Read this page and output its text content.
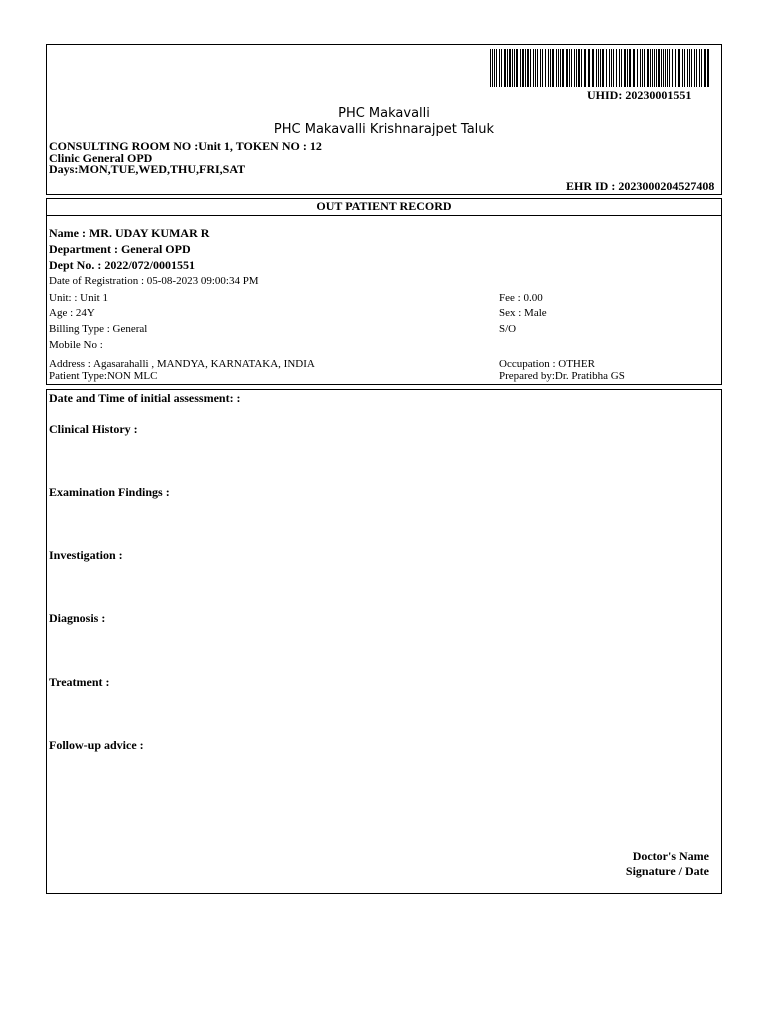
UHID: 20230001551
PHC Makavalli
PHC Makavalli Krishnarajpet Taluk
CONSULTING ROOM NO :Unit 1, TOKEN NO : 12
Clinic General OPD
Days:MON,TUE,WED,THU,FRI,SAT
EHR ID : 2023000204527408
OUT PATIENT RECORD
Name : MR. UDAY KUMAR R
Department : General OPD
Dept No. : 2022/072/0001551
Date of Registration : 05-08-2023 09:00:34 PM
Unit: : Unit 1	Fee : 0.00
Age : 24Y	Sex : Male
Billing Type : General	S/O
Mobile No :
Address : Agasarahalli , MANDYA, KARNATAKA, INDIA	Occupation : OTHER
Patient Type:NON MLC	Prepared by:Dr. Pratibha GS
Date and Time of initial assessment: :
Clinical History :
Examination Findings :
Investigation :
Diagnosis :
Treatment :
Follow-up advice :
Doctor's Name
Signature / Date
